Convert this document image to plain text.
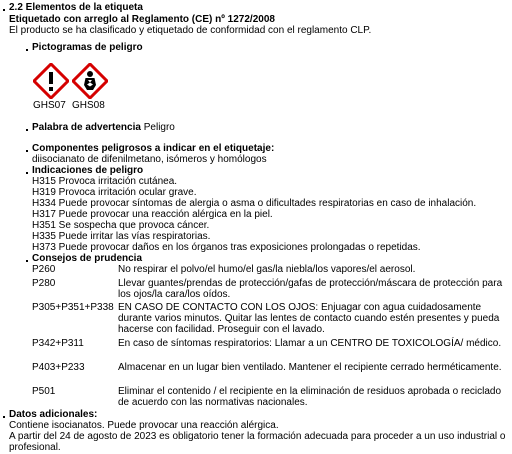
2.2 Elementos de la etiqueta
Etiquetado con arreglo al Reglamento (CE) nº 1272/2008
El producto se ha clasificado y etiquetado de conformidad con el reglamento CLP.
Pictogramas de peligro
GHS07 GHS08
Palabra de advertencia Peligro
Componentes peligrosos a indicar en el etiquetaje:
diisocianato de difenilmetano, isómeros y homólogos
Indicaciones de peligro
H315 Provoca irritación cutánea.
H319 Provoca irritación ocular grave.
H334 Puede provocar síntomas de alergia o asma o dificultades respiratorias en caso de inhalación.
H317 Puede provocar una reacción alérgica en la piel.
H351 Se sospecha que provoca cáncer.
H335 Puede irritar las vías respiratorias.
H373 Puede provocar daños en los órganos tras exposiciones prolongadas o repetidas.
Consejos de prudencia
P260	No respirar el polvo/el humo/el gas/la niebla/los vapores/el aerosol.
P280	Llevar guantes/prendas de protección/gafas de protección/máscara de protección para los ojos/la cara/los oídos.
P305+P351+P338 EN CASO DE CONTACTO CON LOS OJOS: Enjuagar con agua cuidadosamente durante varios minutos. Quitar las lentes de contacto cuando estén presentes y pueda hacerse con facilidad. Proseguir con el lavado.
P342+P311	En caso de síntomas respiratorios: Llamar a un CENTRO DE TOXICOLOGÍA/ médico.
P403+P233	Almacenar en un lugar bien ventilado. Mantener el recipiente cerrado herméticamente.
P501	Eliminar el contenido / el recipiente en la eliminación de residuos aprobada o reciclado de acuerdo con las normativas nacionales.
Datos adicionales:
Contiene isocianatos. Puede provocar una reacción alérgica.
A partir del 24 de agosto de 2023 es obligatorio tener la formación adecuada para proceder a un uso industrial o profesional.
